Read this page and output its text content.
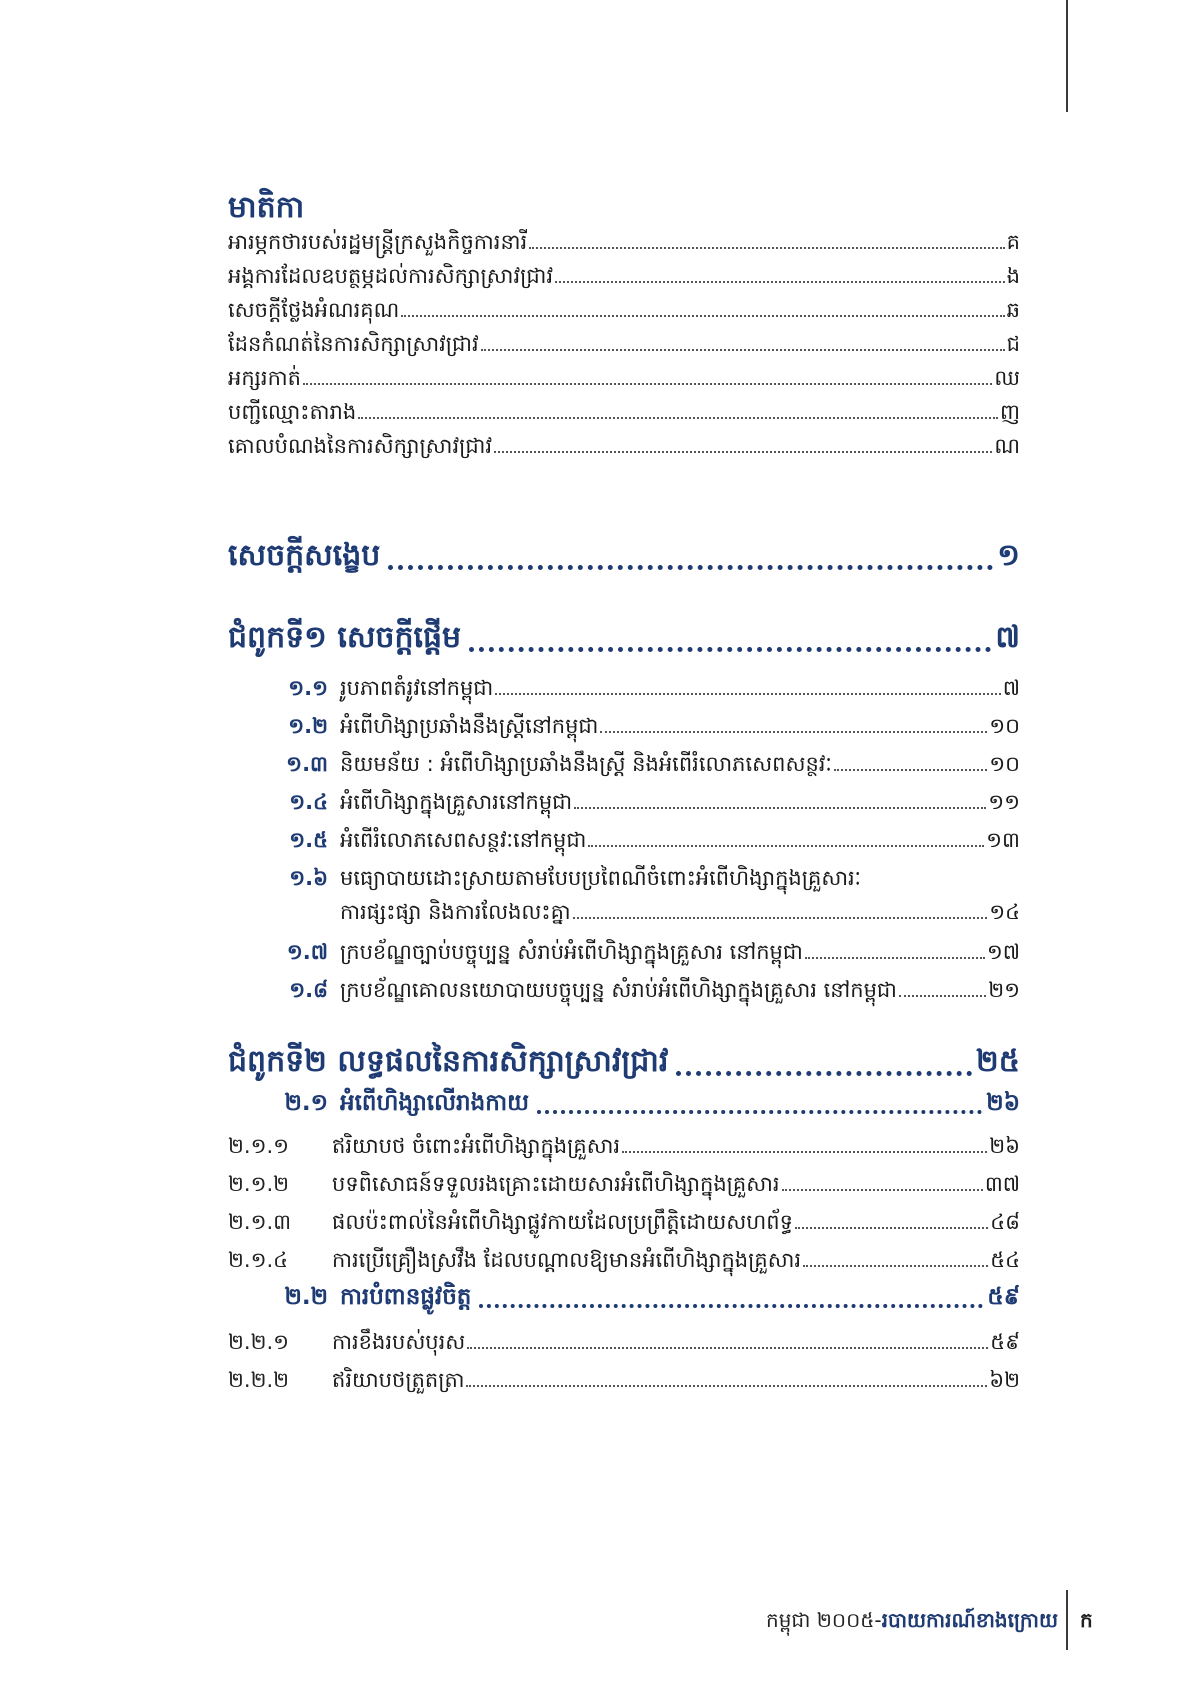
មាតិកា
អារម្ភកថារបស់រដ្ឋមន្ត្រីក្រសួងកិច្ចការនារី	គ
អង្គការដែលឧបត្ថម្ភដល់ការសិក្សាស្រាវជ្រាវ	ង
សេចក្តីថ្លែងអំណរគុណ	ឆ
ដែនកំណត់នៃការសិក្សាស្រាវជ្រាវ	ជ
អក្សរកាត់	ឈ
បញ្ជីឈ្មោះតារាង	ញ
គោលបំណងនៃការសិក្សាស្រាវជ្រាវ	ណ
សេចក្តីសង្ខេប	១
ជំពូកទី១ សេចក្តីផ្តើម	៧
១.១ រូបភាពតំរូវនៅកម្ពុជា	៧
១.២ អំពើហិង្សាប្រឆាំងនឹងស្ត្រីនៅកម្ពុជា	១០
១.៣ និយមន័យ : អំពើហិង្សាប្រឆាំងនឹងស្ត្រី និងអំពើរំលោភសេពសន្ថវៈ	១០
១.៤ អំពើហិង្សាក្នុងគ្រួសារនៅកម្ពុជា	១១
១.៥ អំពើរំលោភសេពសន្ថវៈនៅកម្ពុជា	១៣
១.៦ មធ្យោបាយដោះស្រាយតាមបែបប្រពៃណីចំពោះអំពើហិង្សាក្នុងគ្រួសារៈ
ការផ្សះផ្សា និងការលែងលះគ្នា	១៤
១.៧ ក្របខ័ណ្ឌច្បាប់បច្ចុប្បន្ន សំរាប់អំពើហិង្សាក្នុងគ្រួសារ នៅកម្ពុជា	១៧
១.៨ ក្របខ័ណ្ឌគោលនយោបាយបច្ចុប្បន្ន សំរាប់អំពើហិង្សាក្នុងគ្រួសារ នៅកម្ពុជា	២១
ជំពូកទី២ លទ្ធផលនៃការសិក្សាស្រាវជ្រាវ	២៥
២.១ អំពើហិង្សាលើរាងកាយ	២៦
២.១.១	ឥរិយាបថ ចំពោះអំពើហិង្សាក្នុងគ្រួសារ	២៦
២.១.២	បទពិសោធន៍ទទួលរងគ្រោះដោយសារអំពើហិង្សាក្នុងគ្រួសារ	៣៧
២.១.៣	ផលប៉ះពាល់នៃអំពើហិង្សាផ្លូវកាយដែលប្រព្រឹត្តិដោយសហព័ទ្ធ	៤៨
២.១.៤	ការប្រើគ្រឿងស្រវឹង ដែលបណ្តាលឱ្យមានអំពើហិង្សាក្នុងគ្រួសារ	៥៤
២.២ ការបំពានផ្លូវចិត្ត	៥៩
២.២.១	ការខឹងរបស់បុរស	៥៩
២.២.២	ឥរិយាបថត្រួតត្រា	៦២
កម្ពុជា ២០០៥- របាយការណ៍ខាងក្រោយ ក
